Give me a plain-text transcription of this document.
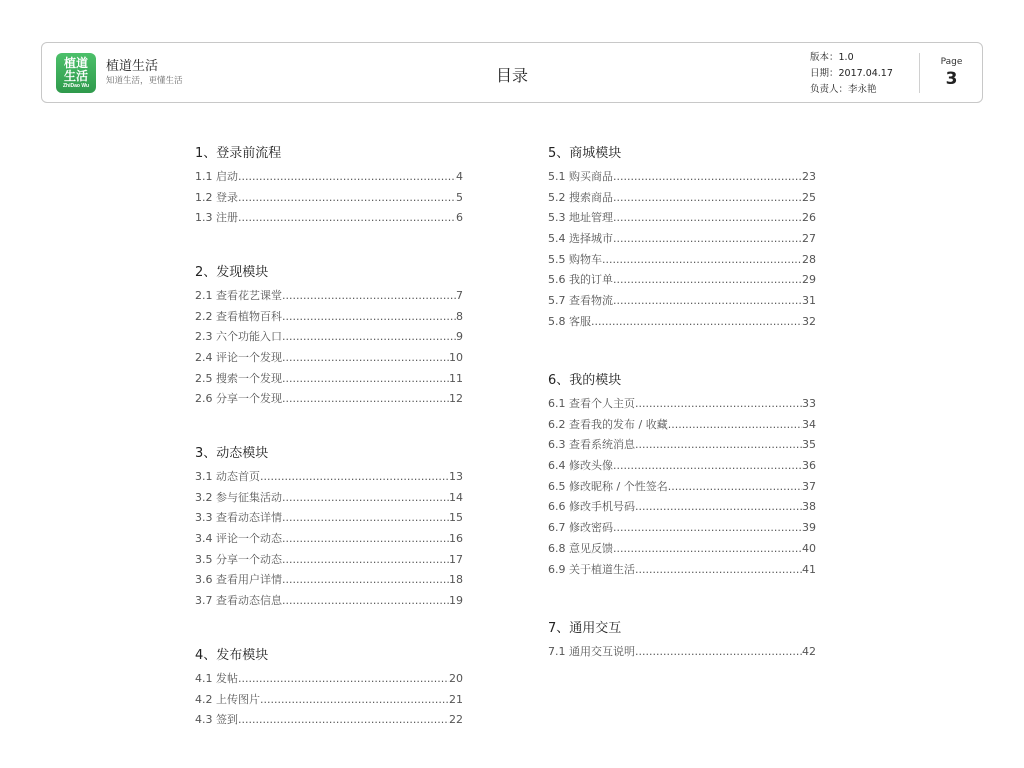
植道生活
ZhiDao Wu
植道生活
知道生活，更懂生活	目录
版本：1.0
日期：2017.04.17
负责人：李永艳
Page
3
1、登录前流程
1.1 启动 .....	4
1.2 登录 .....	5
1.3 注册 .....	6
2、发现模块
2.1 查看花艺课堂 .....	7
2.2 查看植物百科 .....	8
2.3 六个功能入口 .....	9
2.4 评论一个发现 .....	10
2.5 搜索一个发现 .....	11
2.6 分享一个发现 .....	12
3、动态模块
3.1 动态首页 .....	13
3.2 参与征集活动 .....	14
3.3 查看动态详情 .....	15
3.4 评论一个动态 .....	16
3.5 分享一个动态 .....	17
3.6 查看用户详情 .....	18
3.7 查看动态信息 .....	19
4、发布模块
4.1 发帖 .....	20
4.2 上传图片 .....	21
4.3 签到 .....	22
5、商城模块
5.1 购买商品 .....	23
5.2 搜索商品 .....	25
5.3 地址管理 .....	26
5.4 选择城市 .....	27
5.5 购物车 .....	28
5.6 我的订单 .....	29
5.7 查看物流 .....	31
5.8 客服 .....	32
6、我的模块
6.1 查看个人主页 .....	33
6.2 查看我的发布 / 收藏 .....	34
6.3 查看系统消息 .....	35
6.4 修改头像 .....	36
6.5 修改昵称 / 个性签名 .....	37
6.6 修改手机号码 .....	38
6.7 修改密码 .....	39
6.8 意见反馈 .....	40
6.9 关于植道生活 .....	41
7、通用交互
7.1 通用交互说明 .....	42
